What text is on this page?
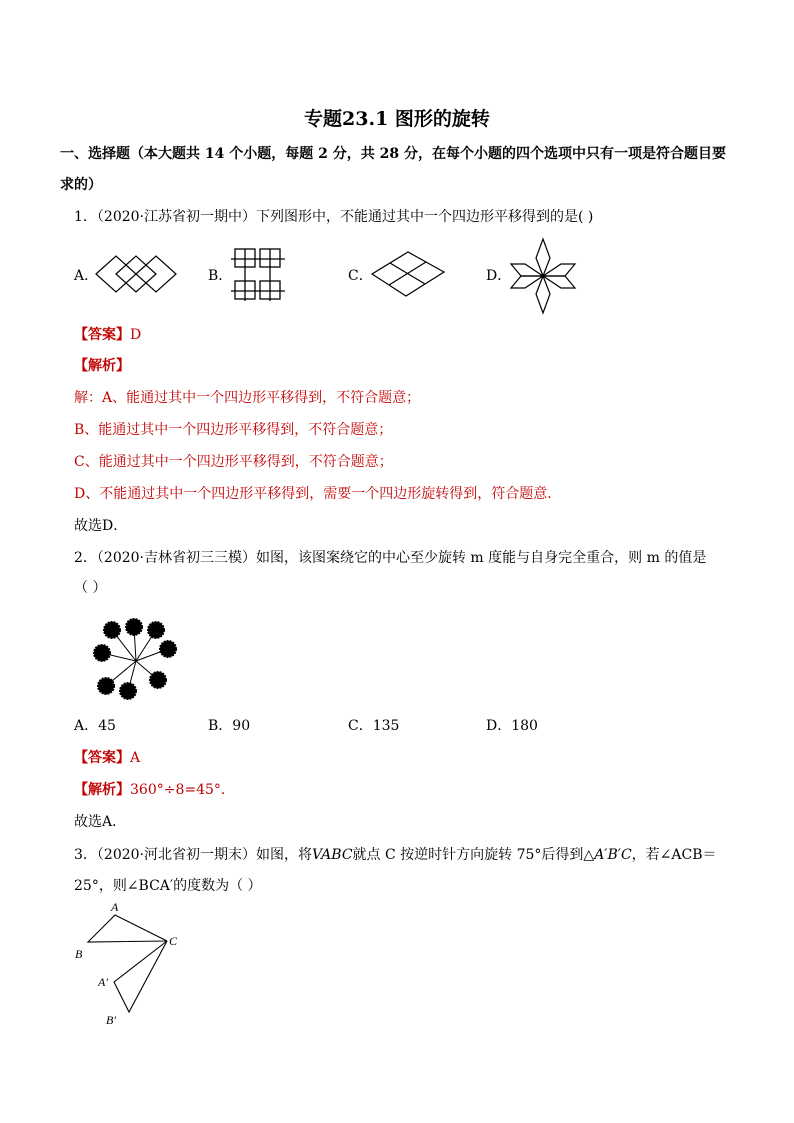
专题23.1 图形的旋转
一、选择题（本大题共 14 个小题，每题 2 分，共 28 分，在每个小题的四个选项中只有一项是符合题目要
求的）
1．（2020·江苏省初一期中）下列图形中，不能通过其中一个四边形平移得到的是( )
A．	B．	C．	D．
【答案】D
【解析】
解：A、能通过其中一个四边形平移得到，不符合题意；
B、能通过其中一个四边形平移得到，不符合题意；
C、能通过其中一个四边形平移得到，不符合题意；
D、不能通过其中一个四边形平移得到，需要一个四边形旋转得到，符合题意．
故选D．
2．（2020·吉林省初三三模）如图，该图案绕它的中心至少旋转 m 度能与自身完全重合，则 m 的值是
（ ）
A．45	B．90	C．135	D．180
【答案】A
【解析】360°÷8=45°.
故选A．
3．（2020·河北省初一期末）如图，将VABC就点 C 按逆时针方向旋转 75°后得到△A′B′C，若∠ACB＝
25°，则∠BCA′的度数为（ ）
A
B
C
A′
B′
